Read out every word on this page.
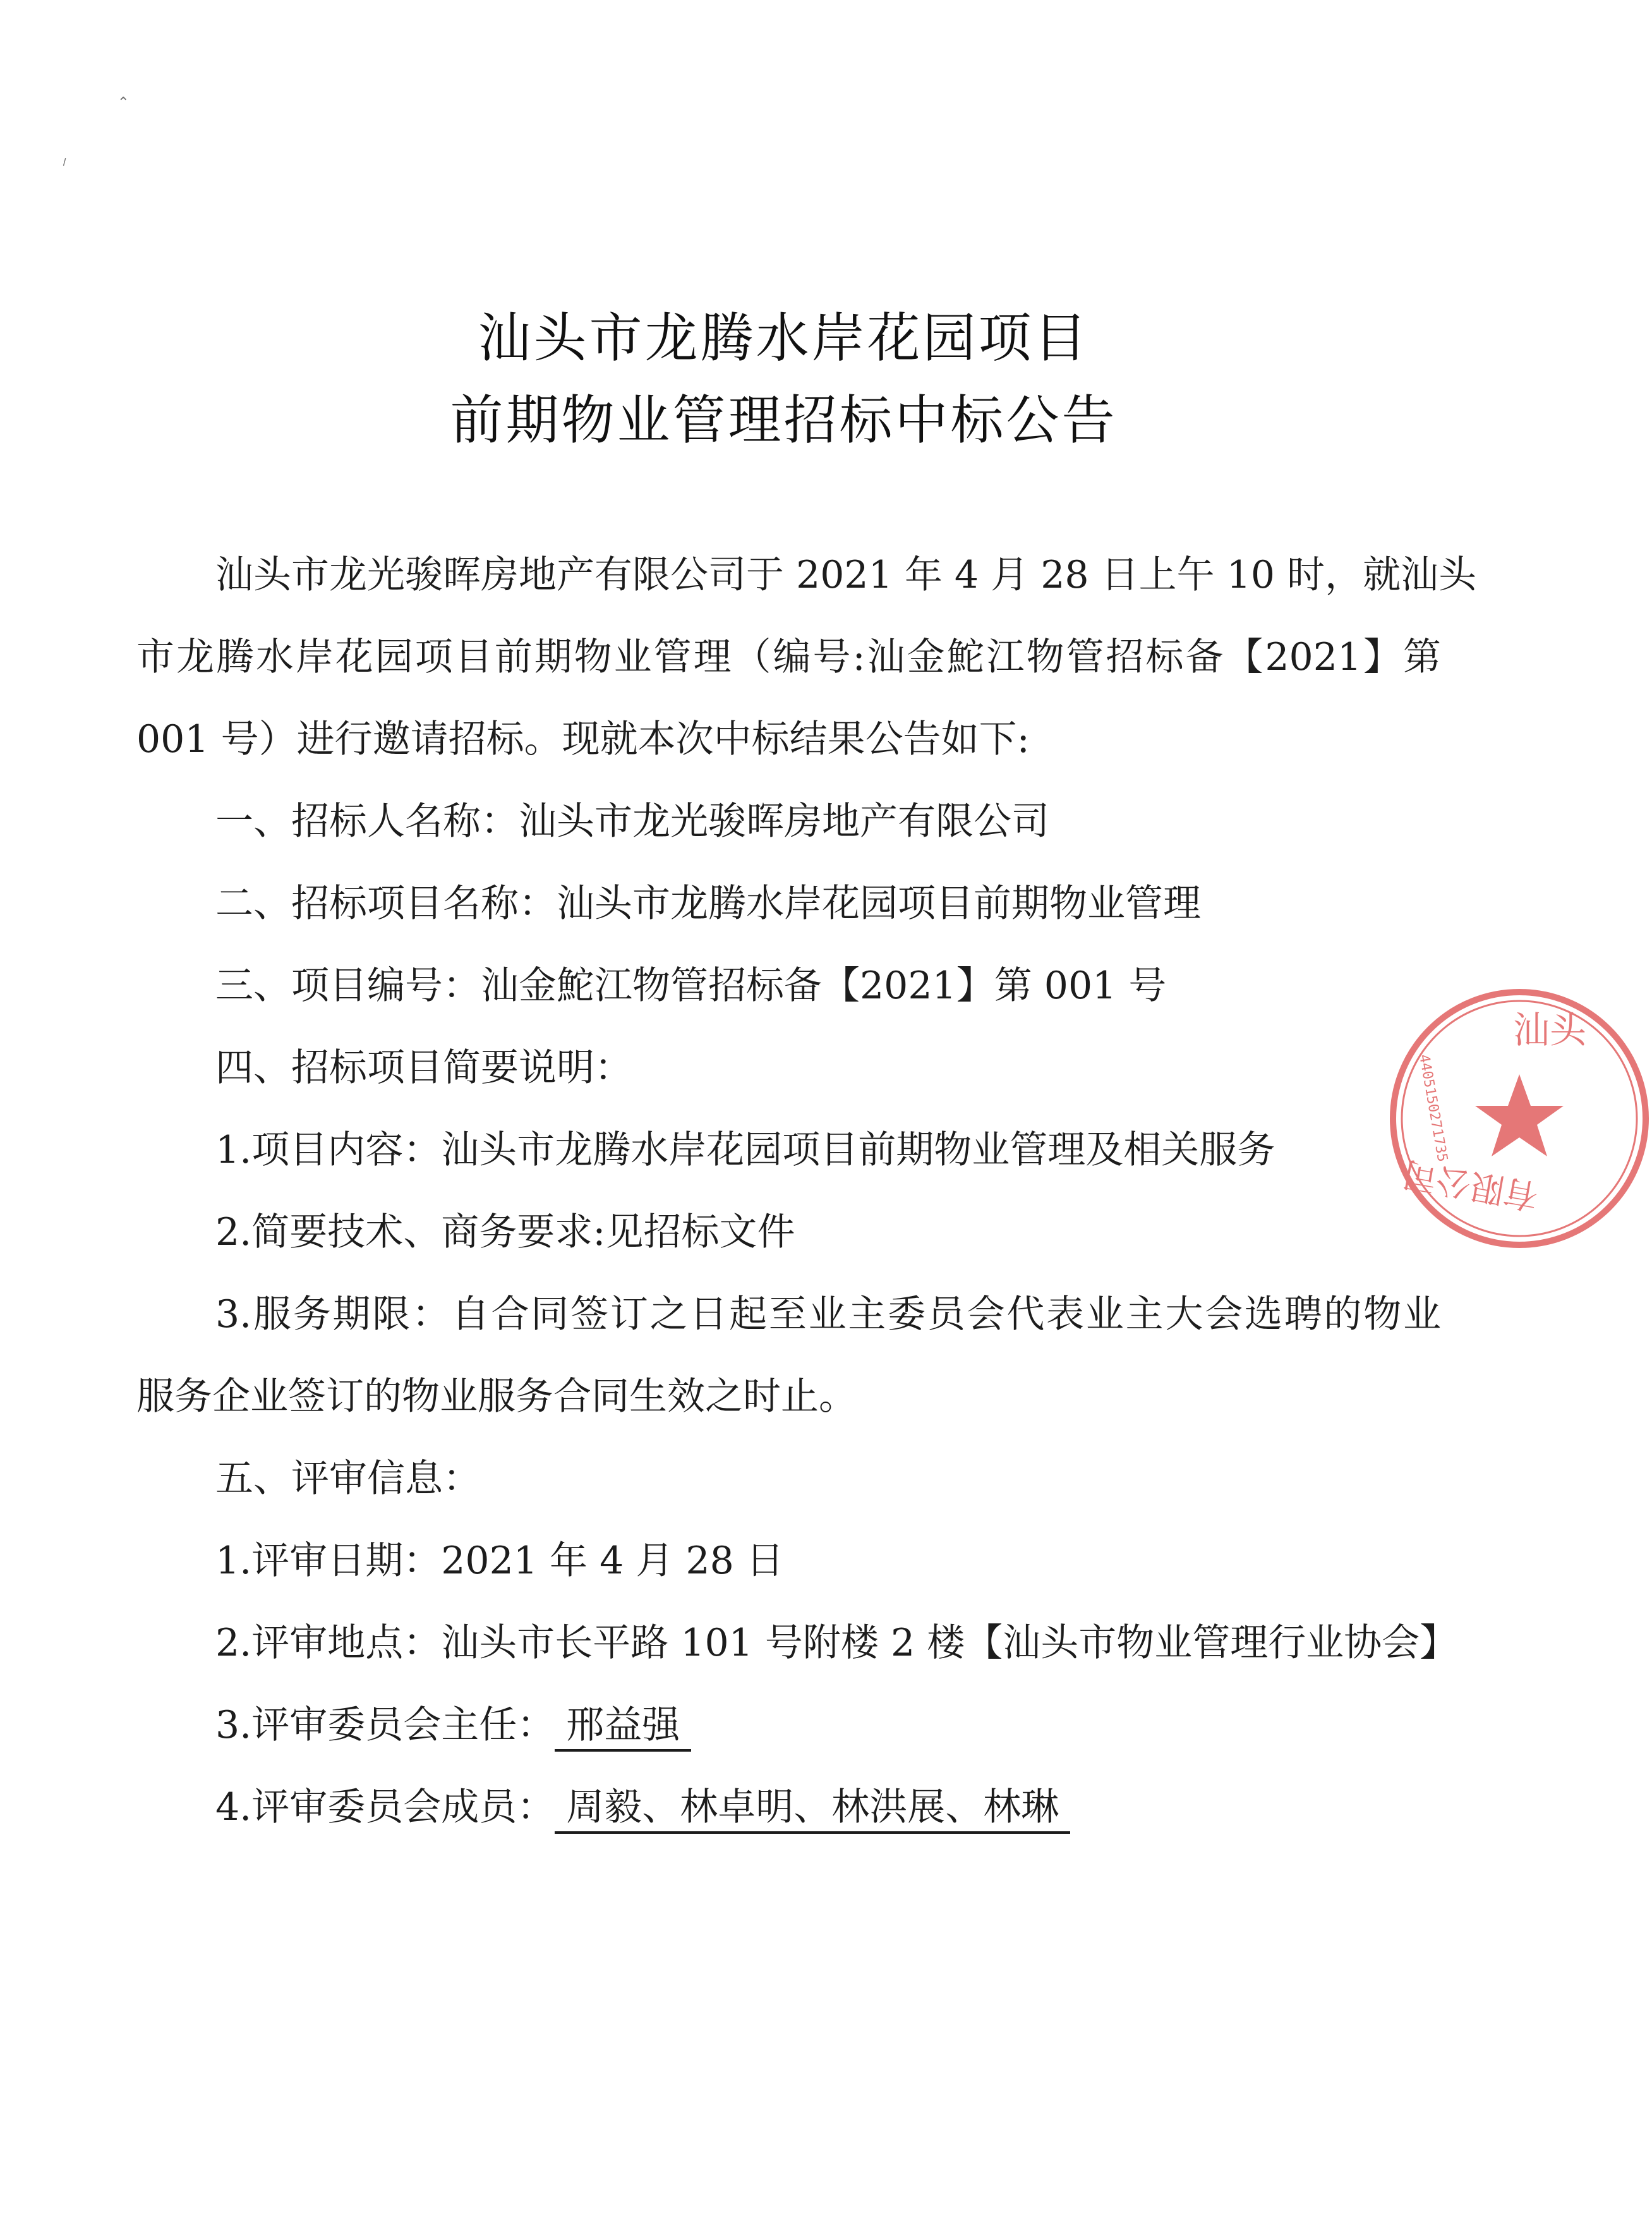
⌃
⸝
汕头市龙腾水岸花园项目
前期物业管理招标中标公告
汕头市龙光骏晖房地产有限公司于 2021 年 4 月 28 日上午 10 时，就汕头
市龙腾水岸花园项目前期物业管理（编号:汕金鮀江物管招标备【2021】第
001 号）进行邀请招标。现就本次中标结果公告如下:
一、招标人名称：汕头市龙光骏晖房地产有限公司
二、招标项目名称：汕头市龙腾水岸花园项目前期物业管理
三、项目编号：汕金鮀江物管招标备【2021】第 001 号
四、招标项目简要说明：
1.项目内容：汕头市龙腾水岸花园项目前期物业管理及相关服务
2.简要技术、商务要求:见招标文件
3.服务期限：自合同签订之日起至业主委员会代表业主大会选聘的物业
服务企业签订的物业服务合同生效之时止。
五、评审信息：
1.评审日期：2021 年 4 月 28 日
2.评审地点：汕头市长平路 101 号附楼 2 楼【汕头市物业管理行业协会】
3.评审委员会主任： 邢益强
4.评审委员会成员： 周毅、林卓明、林洪展、林琳
汕头
4405150271735
有限公司
